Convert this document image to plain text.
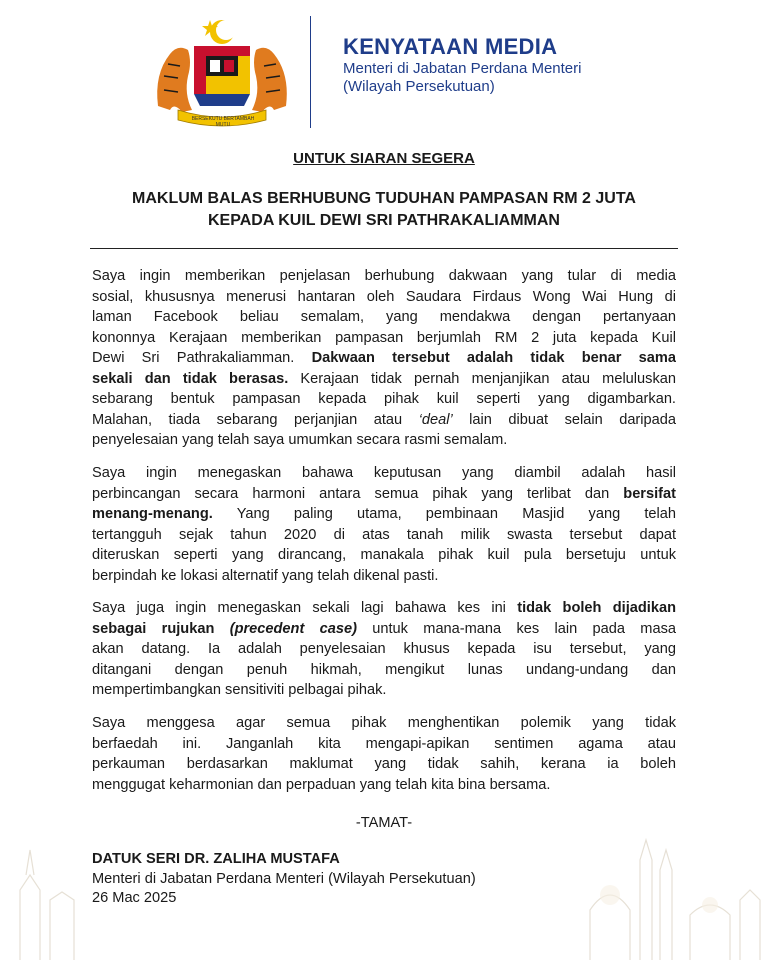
BERSEKUTU BERTAMBAH MUTU
KENYATAAN MEDIA
Menteri di Jabatan Perdana Menteri
(Wilayah Persekutuan)
UNTUK SIARAN SEGERA
MAKLUM BALAS BERHUBUNG TUDUHAN PAMPASAN RM 2 JUTA
KEPADA KUIL DEWI SRI PATHRAKALIAMMAN
Saya ingin memberikan penjelasan berhubung dakwaan yang tular di media
sosial, khususnya menerusi hantaran oleh Saudara Firdaus Wong Wai Hung di
laman Facebook beliau semalam, yang mendakwa dengan pertanyaan
kononnya Kerajaan memberikan pampasan berjumlah RM 2 juta kepada Kuil
Dewi Sri Pathrakaliamman. Dakwaan tersebut adalah tidak benar sama
sekali dan tidak berasas. Kerajaan tidak pernah menjanjikan atau meluluskan
sebarang bentuk pampasan kepada pihak kuil seperti yang digambarkan.
Malahan, tiada sebarang perjanjian atau ‘deal’ lain dibuat selain daripada
penyelesaian yang telah saya umumkan secara rasmi semalam.
Saya ingin menegaskan bahawa keputusan yang diambil adalah hasil
perbincangan secara harmoni antara semua pihak yang terlibat dan bersifat
menang-menang. Yang paling utama, pembinaan Masjid yang telah
tertangguh sejak tahun 2020 di atas tanah milik swasta tersebut dapat
diteruskan seperti yang dirancang, manakala pihak kuil pula bersetuju untuk
berpindah ke lokasi alternatif yang telah dikenal pasti.
Saya juga ingin menegaskan sekali lagi bahawa kes ini tidak boleh dijadikan
sebagai rujukan (precedent case) untuk mana-mana kes lain pada masa
akan datang. Ia adalah penyelesaian khusus kepada isu tersebut, yang
ditangani dengan penuh hikmah, mengikut lunas undang-undang dan
mempertimbangkan sensitiviti pelbagai pihak.
Saya menggesa agar semua pihak menghentikan polemik yang tidak
berfaedah ini. Janganlah kita mengapi-apikan sentimen agama atau
perkauman berdasarkan maklumat yang tidak sahih, kerana ia boleh
menggugat keharmonian dan perpaduan yang telah kita bina bersama.
-TAMAT-
DATUK SERI DR. ZALIHA MUSTAFA
Menteri di Jabatan Perdana Menteri (Wilayah Persekutuan)
26 Mac 2025
